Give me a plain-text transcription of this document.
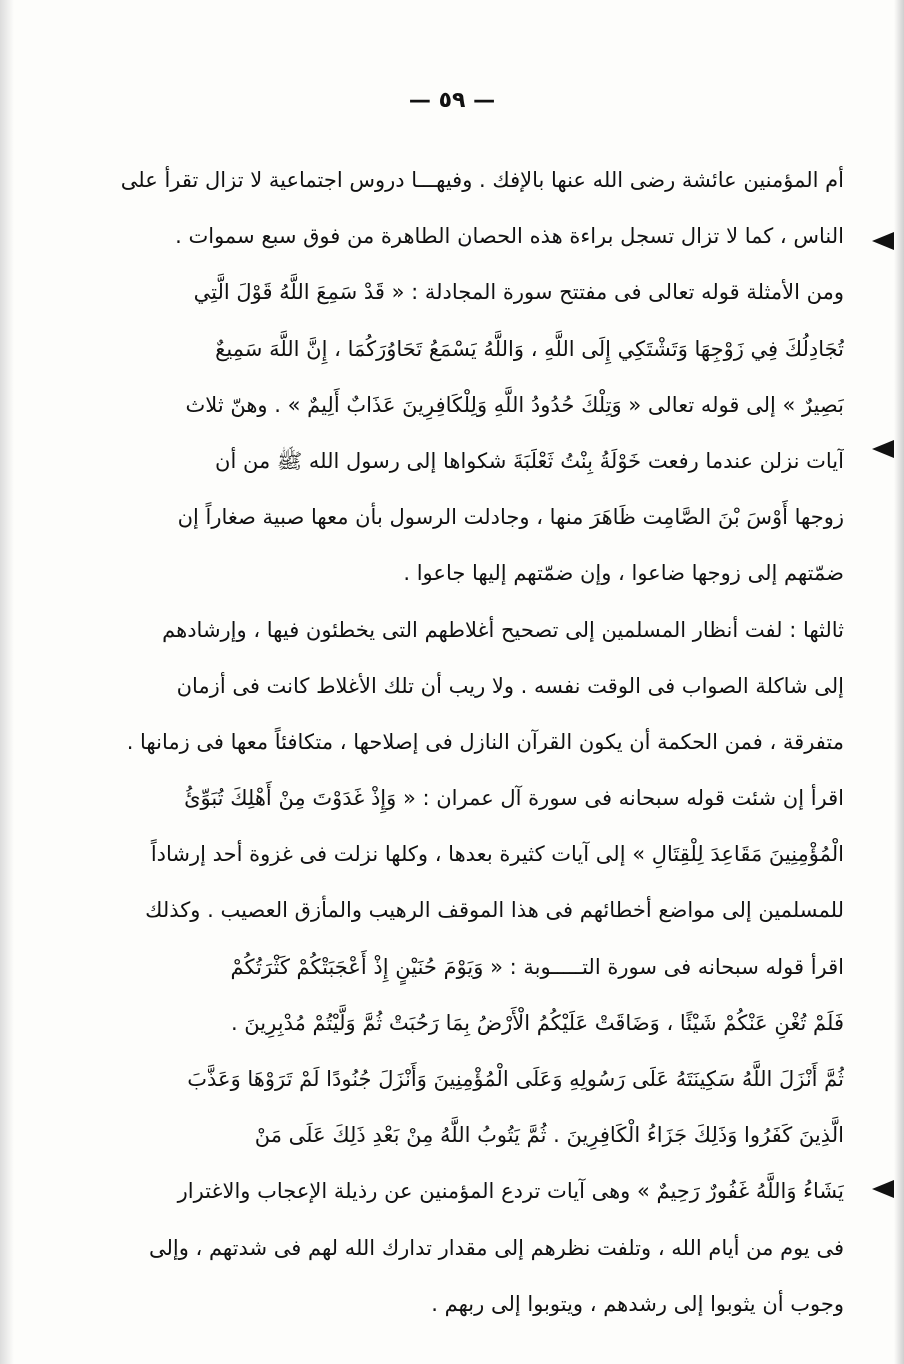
— ٥٩ —
أم المؤمنين عائشة رضى الله عنها بالإفك . وفيهـــا دروس اجتماعية لا تزال تقرأ على
الناس ، كما لا تزال تسجل براءة هذه الحصان الطاهرة من فوق سبع سموات .
ومن الأمثلة قوله تعالى فى مفتتح سورة المجادلة : « قَدْ سَمِعَ اللَّهُ قَوْلَ الَّتِي
تُجَادِلُكَ فِي زَوْجِهَا وَتَشْتَكِي إِلَى اللَّهِ ، وَاللَّهُ يَسْمَعُ تَحَاوُرَكُمَا ، إِنَّ اللَّهَ سَمِيعٌ
بَصِيرٌ » إلى قوله تعالى « وَتِلْكَ حُدُودُ اللَّهِ وَلِلْكَافِرِينَ عَذَابٌ أَلِيمٌ » . وهنّ ثلاث
آيات نزلن عندما رفعت خَوْلَةُ بِنْتُ ثَعْلَبَةَ شكواها إلى رسول الله ﷺ من أن
زوجها أَوْسَ بْنَ الصَّامِت ظَاهَرَ منها ، وجادلت الرسول بأن معها صبية صغاراً إن
ضمّتهم إلى زوجها ضاعوا ، وإن ضمّتهم إليها جاعوا .
ثالثها : لفت أنظار المسلمين إلى تصحيح أغلاطهم التى يخطئون فيها ، وإرشادهم
إلى شاكلة الصواب فى الوقت نفسه . ولا ريب أن تلك الأغلاط كانت فى أزمان
متفرقة ، فمن الحكمة أن يكون القرآن النازل فى إصلاحها ، متكافئاً معها فى زمانها .
اقرأ إن شئت قوله سبحانه فى سورة آل عمران : « وَإِذْ غَدَوْتَ مِنْ أَهْلِكَ تُبَوِّئُ
الْمُؤْمِنِينَ مَقَاعِدَ لِلْقِتَالِ » إلى آيات كثيرة بعدها ، وكلها نزلت فى غزوة أحد إرشاداً
للمسلمين إلى مواضع أخطائهم فى هذا الموقف الرهيب والمأزق العصيب . وكذلك
اقرأ قوله سبحانه فى سورة التـــــوبة : « وَيَوْمَ حُنَيْنٍ إِذْ أَعْجَبَتْكُمْ كَثْرَتُكُمْ
فَلَمْ تُغْنِ عَنْكُمْ شَيْئًا ، وَضَاقَتْ عَلَيْكُمُ الْأَرْضُ بِمَا رَحُبَتْ ثُمَّ وَلَّيْتُمْ مُدْبِرِينَ .
ثُمَّ أَنْزَلَ اللَّهُ سَكِينَتَهُ عَلَى رَسُولِهِ وَعَلَى الْمُؤْمِنِينَ وَأَنْزَلَ جُنُودًا لَمْ تَرَوْهَا وَعَذَّبَ
الَّذِينَ كَفَرُوا وَذَلِكَ جَزَاءُ الْكَافِرِينَ . ثُمَّ يَتُوبُ اللَّهُ مِنْ بَعْدِ ذَلِكَ عَلَى مَنْ
يَشَاءُ وَاللَّهُ غَفُورٌ رَحِيمٌ » وهى آيات تردع المؤمنين عن رذيلة الإعجاب والاغترار
فى يوم من أيام الله ، وتلفت نظرهم إلى مقدار تدارك الله لهم فى شدتهم ، وإلى
وجوب أن يثوبوا إلى رشدهم ، ويتوبوا إلى ربهم .
